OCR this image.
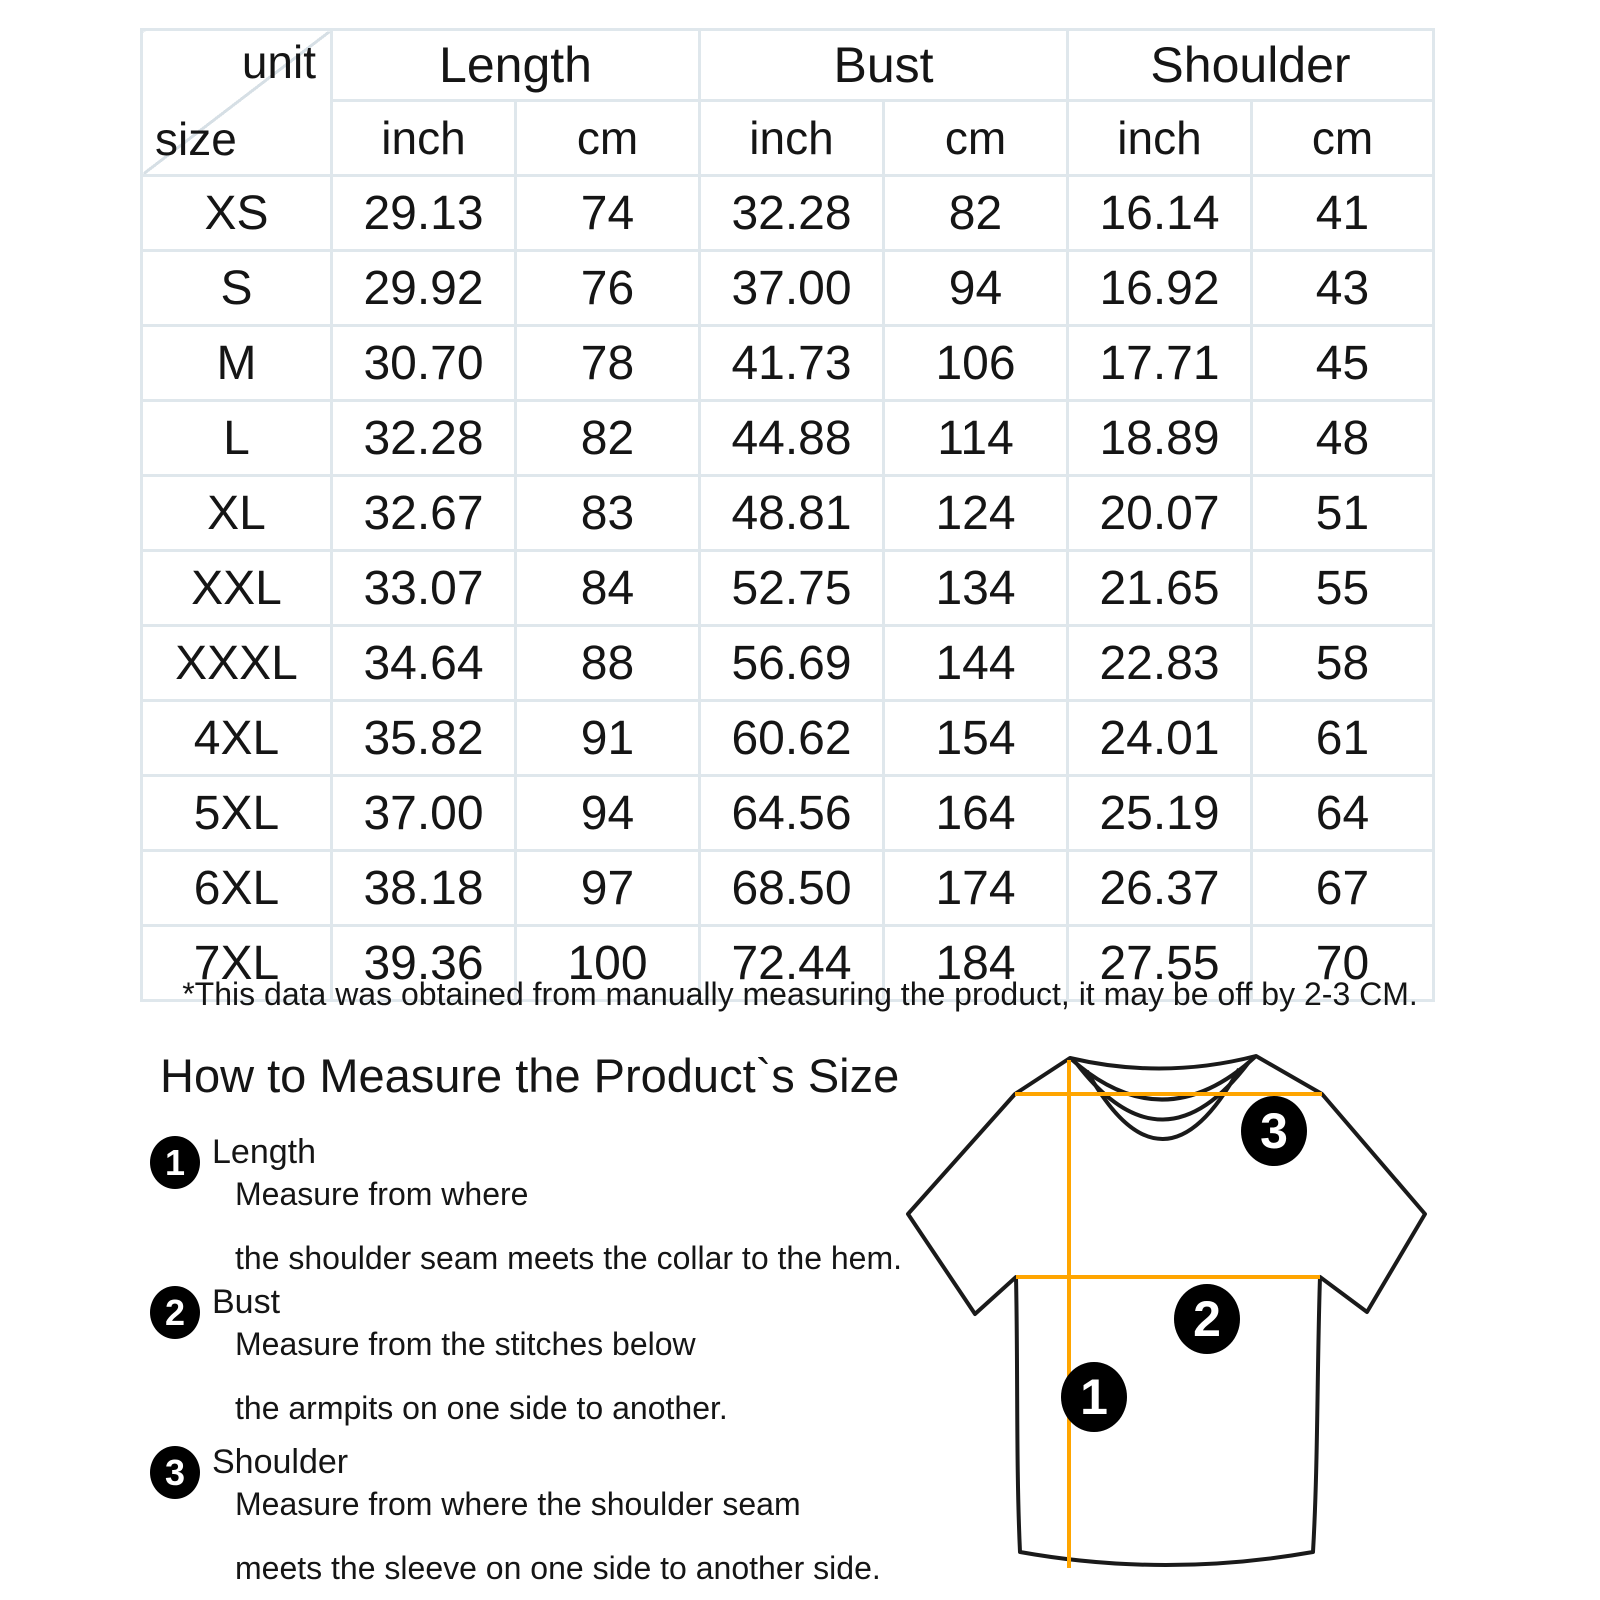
unit
size	Length		Bust		Shoulder	
	inch	cm	inch	cm	inch	cm
XS	29.13	74	32.28	82	16.14	41
S	29.92	76	37.00	94	16.92	43
M	30.70	78	41.73	106	17.71	45
L	32.28	82	44.88	114	18.89	48
XL	32.67	83	48.81	124	20.07	51
XXL	33.07	84	52.75	134	21.65	55
XXXL	34.64	88	56.69	144	22.83	58
4XL	35.82	91	60.62	154	24.01	61
5XL	37.00	94	64.56	164	25.19	64
6XL	38.18	97	68.50	174	26.37	67
7XL	39.36	100	72.44	184	27.55	70
*This data was obtained from manually measuring the product, it may be off by 2-3 CM.
How to Measure the Product`s Size
1 Length
Measure from where
the shoulder seam meets the collar to the hem.
2 Bust
Measure from the stitches below
the armpits on one side to another.
3 Shoulder
Measure from where the shoulder seam
meets the sleeve on one side to another side.
3
2
1
